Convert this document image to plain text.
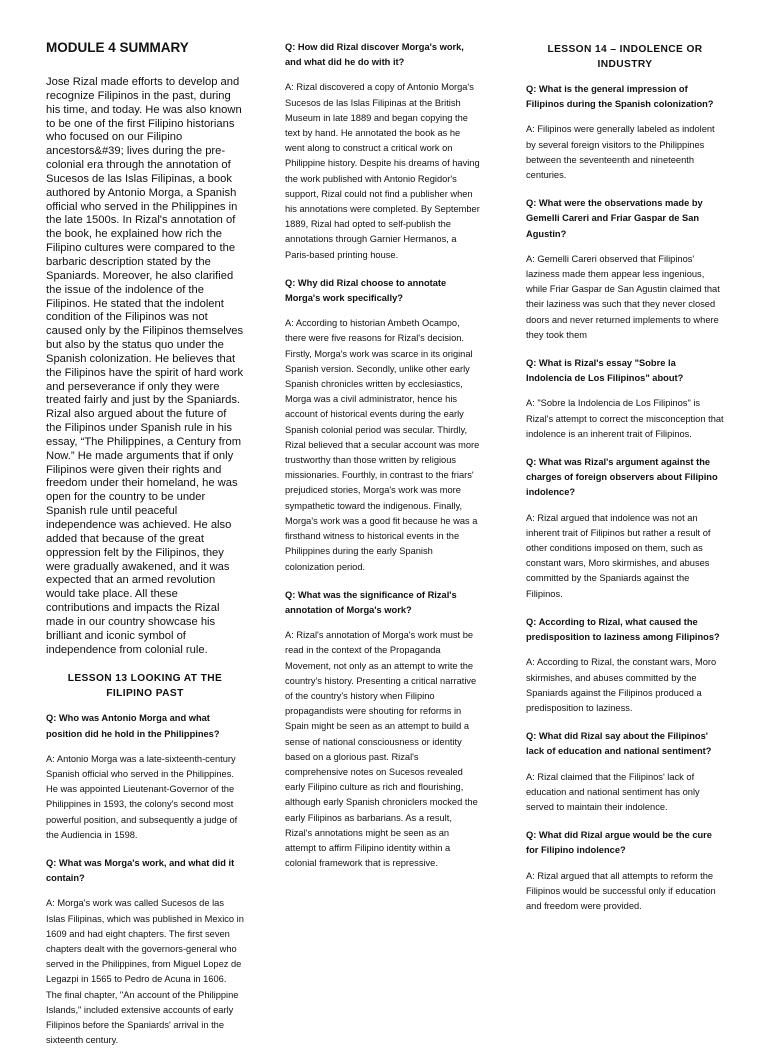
MODULE 4 SUMMARY

Jose Rizal made efforts to develop and recognize Filipinos in the past, during his time, and today. He was also known to be one of the first Filipino historians who focused on our Filipino ancestors&#39; lives during the pre-colonial era through the annotation of Sucesos de las Islas Filipinas, a book authored by Antonio Morga, a Spanish official who served in the Philippines in the late 1500s. In Rizal's annotation of the book, he explained how rich the Filipino cultures were compared to the barbaric description stated by the Spaniards. Moreover, he also clarified the issue of the indolence of the Filipinos. He stated that the indolent condition of the Filipinos was not caused only by the Filipinos themselves but also by the status quo under the Spanish colonization. He believes that the Filipinos have the spirit of hard work and perseverance if only they were treated fairly and just by the Spaniards. Rizal also argued about the future of the Filipinos under Spanish rule in his essay, “The Philippines, a Century from Now.” He made arguments that if only Filipinos were given their rights and freedom under their homeland, he was open for the country to be under Spanish rule until peaceful independence was achieved. He also added that because of the great oppression felt by the Filipinos, they were gradually awakened, and it was expected that an armed revolution would take place. All these contributions and impacts the Rizal made in our country showcase his brilliant and iconic symbol of independence from colonial rule.

LESSON 13 LOOKING AT THE FILIPINO PAST
Q: Who was Antonio Morga and what position did he hold in the Philippines?

A: Antonio Morga was a late-sixteenth-century Spanish official who served in the Philippines. He was appointed Lieutenant-Governor of the Philippines in 1593, the colony's second most powerful position, and subsequently a judge of the Audiencia in 1598.

Q: What was Morga's work, and what did it contain?

A: Morga's work was called Sucesos de las Islas Filipinas, which was published in Mexico in 1609 and had eight chapters. The first seven chapters dealt with the governors-general who served in the Philippines, from Miguel Lopez de Legazpi in 1565 to Pedro de Acuna in 1606. The final chapter, "An account of the Philippine Islands," included extensive accounts of early Filipinos before the Spaniards' arrival in the sixteenth century.

Q: How did Rizal discover Morga's work, and what did he do with it?

A: Rizal discovered a copy of Antonio Morga's Sucesos de las Islas Filipinas at the British Museum in late 1889 and began copying the text by hand. He annotated the book as he went along to construct a critical work on Philippine history. Despite his dreams of having the work published with Antonio Regidor's support, Rizal could not find a publisher when his annotations were completed. By September 1889, Rizal had opted to self-publish the annotations through Garnier Hermanos, a Paris-based printing house.

Q: Why did Rizal choose to annotate Morga's work specifically?

A: According to historian Ambeth Ocampo, there were five reasons for Rizal's decision. Firstly, Morga's work was scarce in its original Spanish version. Secondly, unlike other early Spanish chronicles written by ecclesiastics, Morga was a civil administrator, hence his account of historical events during the early Spanish colonial period was secular. Thirdly, Rizal believed that a secular account was more trustworthy than those written by religious missionaries. Fourthly, in contrast to the friars' prejudiced stories, Morga's work was more sympathetic toward the indigenous. Finally, Morga's work was a good fit because he was a firsthand witness to historical events in the Philippines during the early Spanish colonization period.

Q: What was the significance of Rizal's annotation of Morga's work?

A: Rizal's annotation of Morga's work must be read in the context of the Propaganda Movement, not only as an attempt to write the country's history. Presenting a critical narrative of the country's history when Filipino propagandists were shouting for reforms in Spain might be seen as an attempt to build a sense of national consciousness or identity based on a glorious past. Rizal's comprehensive notes on Sucesos revealed early Filipino culture as rich and flourishing, although early Spanish chroniclers mocked the early Filipinos as barbarians. As a result, Rizal's annotations might be seen as an attempt to affirm Filipino identity within a colonial framework that is repressive.

LESSON 14 – INDOLENCE OR INDUSTRY
Q: What is the general impression of Filipinos during the Spanish colonization?

A: Filipinos were generally labeled as indolent by several foreign visitors to the Philippines between the seventeenth and nineteenth centuries.

Q: What were the observations made by Gemelli Careri and Friar Gaspar de San Agustin?

A: Gemelli Careri observed that Filipinos' laziness made them appear less ingenious, while Friar Gaspar de San Agustin claimed that their laziness was such that they never closed doors and never returned implements to where they took them

Q: What is Rizal's essay "Sobre la Indolencia de Los Filipinos" about?

A: "Sobre la Indolencia de Los Filipinos" is Rizal's attempt to correct the misconception that indolence is an inherent trait of Filipinos.

Q: What was Rizal's argument against the charges of foreign observers about Filipino indolence?

A: Rizal argued that indolence was not an inherent trait of Filipinos but rather a result of other conditions imposed on them, such as constant wars, Moro skirmishes, and abuses committed by the Spaniards against the Filipinos.

Q: According to Rizal, what caused the predisposition to laziness among Filipinos?

A: According to Rizal, the constant wars, Moro skirmishes, and abuses committed by the Spaniards against the Filipinos produced a predisposition to laziness.

Q: What did Rizal say about the Filipinos' lack of education and national sentiment?

A: Rizal claimed that the Filipinos' lack of education and national sentiment has only served to maintain their indolence.

Q: What did Rizal argue would be the cure for Filipino indolence?

A: Rizal argued that all attempts to reform the Filipinos would be successful only if education and freedom were provided.
